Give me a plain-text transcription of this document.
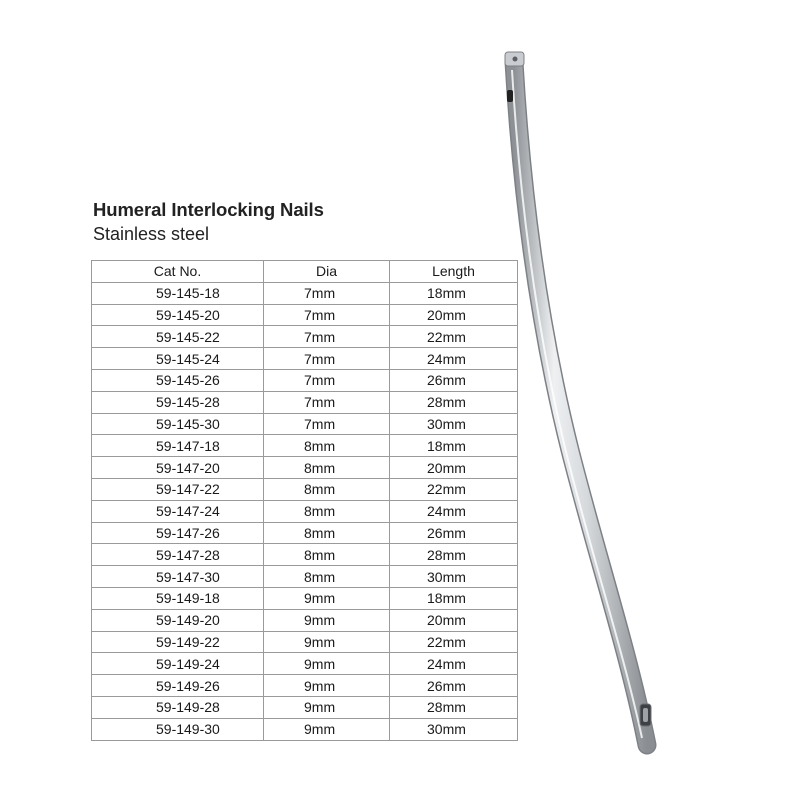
Humeral Interlocking Nails
Stainless steel
Cat No.	Dia	Length
59-145-18	7mm	18mm
59-145-20	7mm	20mm
59-145-22	7mm	22mm
59-145-24	7mm	24mm
59-145-26	7mm	26mm
59-145-28	7mm	28mm
59-145-30	7mm	30mm
59-147-18	8mm	18mm
59-147-20	8mm	20mm
59-147-22	8mm	22mm
59-147-24	8mm	24mm
59-147-26	8mm	26mm
59-147-28	8mm	28mm
59-147-30	8mm	30mm
59-149-18	9mm	18mm
59-149-20	9mm	20mm
59-149-22	9mm	22mm
59-149-24	9mm	24mm
59-149-26	9mm	26mm
59-149-28	9mm	28mm
59-149-30	9mm	30mm
